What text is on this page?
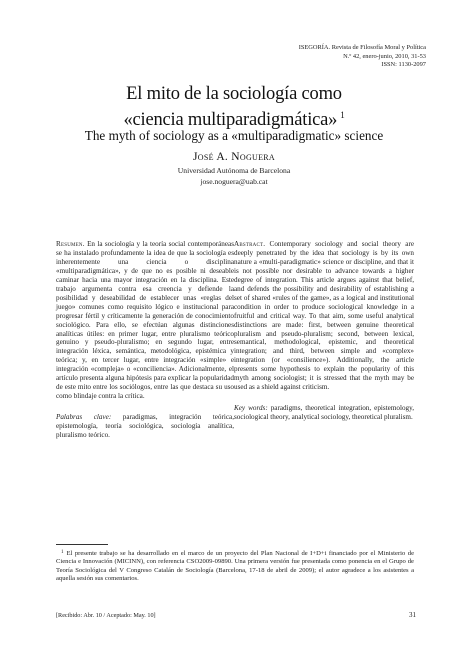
ISEGORÍA. Revista de Filosofía Moral y Política
N.º 42, enero-junio, 2010, 31-53
ISSN: 1130-2097
El mito de la sociología como
«ciencia multiparadigmática» $^1$
The myth of sociology as a «multiparadigmatic» science
José A. Noguera
Universidad Autónoma de Barcelona
jose.noguera@uab.cat

Resumen. En la sociología y la teoría social contemporáneas se ha instalado profundamente la idea de que la sociología es inherentemente una ciencia o disciplina «multiparadigmática», y de que no es posible ni deseable caminar hacia una mayor integración en la disciplina. Este trabajo argumenta contra esa creencia y defiende la posibilidad y deseabilidad de establecer unas «reglas del juego» comunes como requisito lógico e institucional para progresar fértil y críticamente la generación de conocimiento sociológico. Para ello, se efectúan algunas distinciones analíticas útiles: en primer lugar, entre pluralismo teórico genuino y pseudo-pluralismo; en segundo lugar, entre integración léxica, semántica, metodológica, epistémica y teórica; y, en tercer lugar, entre integración «simple» e integración «compleja» o «conciliencia». Adicionalmente, el artículo presenta alguna hipótesis para explicar la popularidad de este mito entre los sociólogos, entre las que destaca su uso como blindaje contra la crítica.

Palabras clave: paradigmas, integración teórica, epistemología, teoría sociológica, sociología analítica, pluralismo teórico.

Abstract. Contemporary sociology and social theory are deeply penetrated by the idea that sociology is by its own nature a «multi-paradigmatic» science or discipline, and that it is not possible nor desirable to advance towards a higher degree of integration. This article argues against that belief, and defends the possibility and desirability of establishing a set of shared «rules of the game», as a logical and institutional condition in order to produce sociological knowledge in a fruitful and critical way. To that aim, some useful analytical distinctions are made: first, between genuine theoretical pluralism and pseudo-pluralism; second, between lexical, semantical, methodological, epistemic, and theoretical integration; and third, between simple and «complex» integration (or «consilience»). Additionally, the article presents some hypothesis to explain the popularity of this myth among sociologist; it is stressed that the myth may be used as a shield against criticism.

Key words: paradigms, theoretical integration, epistemology, sociological theory, analytical sociology, theoretical pluralism.

$^1$ El presente trabajo se ha desarrollado en el marco de un proyecto del Plan Nacional de I+D+i financiado por el Ministerio de Ciencia e Innovación (MICINN), con referencia CSO2009-09890. Una primera versión fue presentada como ponencia en el Grupo de Teoría Sociológica del V Congreso Catalán de Sociología (Barcelona, 17-18 de abril de 2009); el autor agradece a los asistentes a aquella sesión sus comentarios.
[Recibido: Abr. 10 / Aceptado: May. 10]	31
